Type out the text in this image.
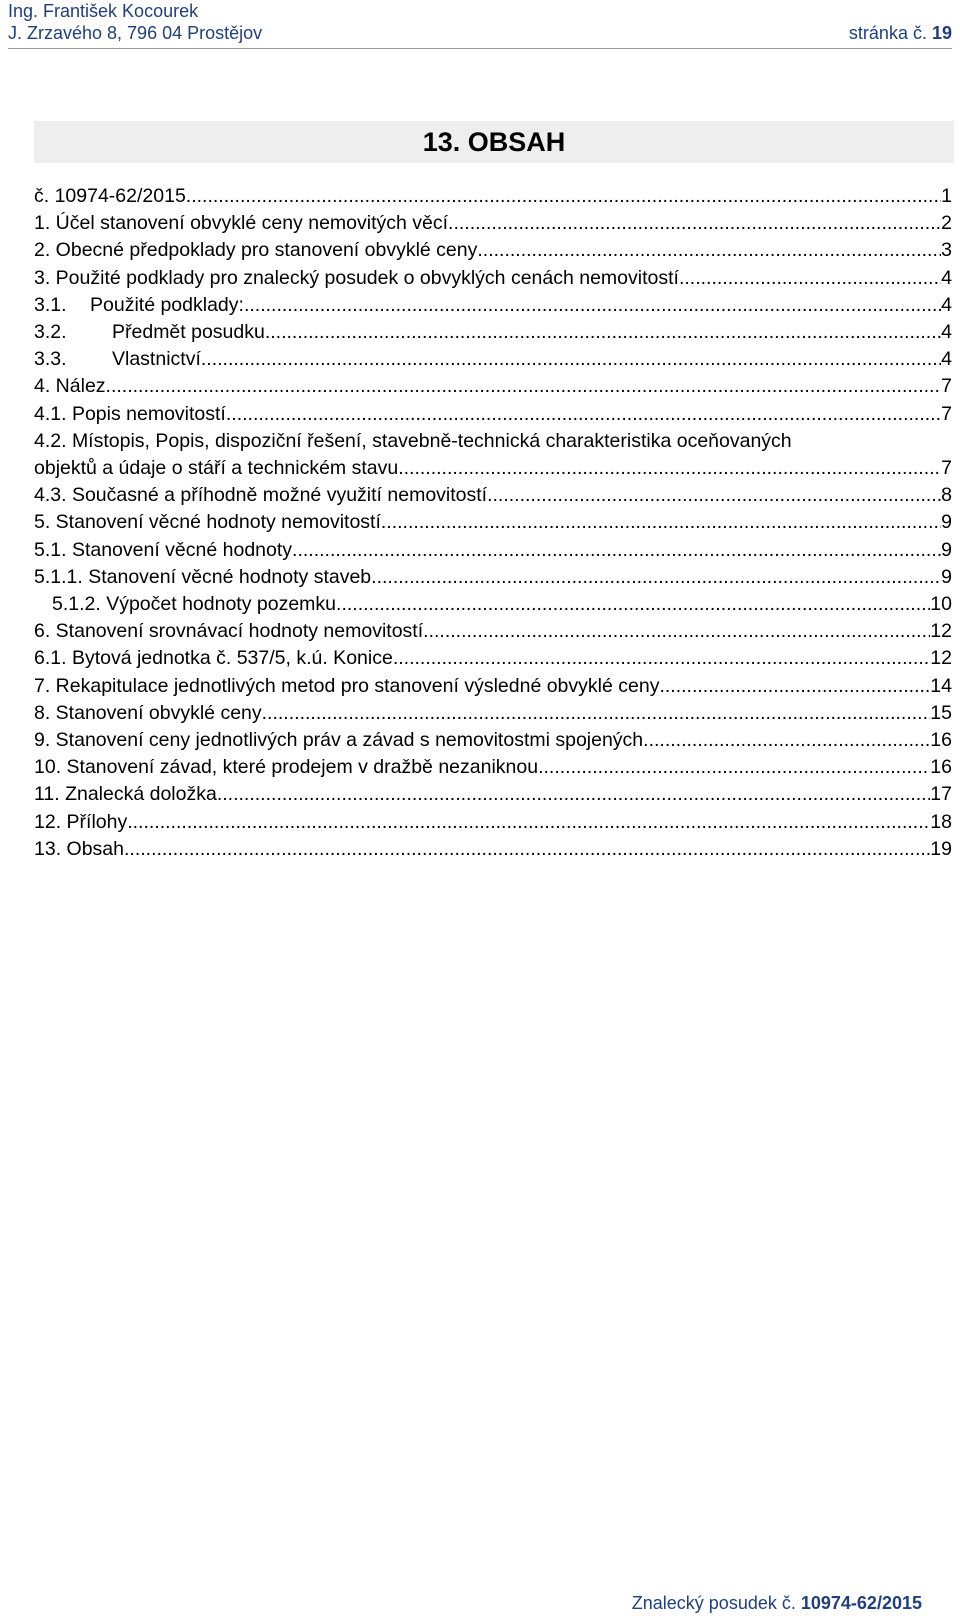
Ing. František Kocourek
J. Zrzavého 8, 796 04 Prostějov	stránka č. 19
13. OBSAH
č. 10974-62/2015 .....	1
1. Účel stanovení obvyklé ceny nemovitých věcí .....	2
2. Obecné předpoklady pro stanovení obvyklé ceny .....	3
3. Použité podklady pro znalecký posudek o obvyklých cenách nemovitostí .....	4
3.1.	Použité podklady: .....	4
3.2.	Předmět posudku .....	4
3.3.	Vlastnictví .....	4
4. Nález .....	7
4.1. Popis nemovitostí .....	7
4.2. Místopis, Popis, dispoziční řešení, stavebně-technická charakteristika oceňovaných
objektů a údaje o stáří a technickém stavu. .....	7
4.3. Současné a příhodně možné využití nemovitostí .....	8
5. Stanovení věcné hodnoty nemovitostí .....	9
5.1. Stanovení věcné hodnoty .....	9
5.1.1. Stanovení věcné hodnoty staveb .....	9
5.1.2. Výpočet hodnoty pozemku .....	10
6. Stanovení srovnávací hodnoty nemovitostí .....	12
6.1. Bytová jednotka č. 537/5, k.ú. Konice .....	12
7. Rekapitulace jednotlivých metod pro stanovení výsledné obvyklé ceny .....	14
8. Stanovení obvyklé ceny .....	15
9. Stanovení ceny jednotlivých práv a závad s nemovitostmi spojených .....	16
10. Stanovení závad, které prodejem v dražbě nezaniknou .....	16
11. Znalecká doložka .....	17
12. Přílohy .....	18
13. Obsah .....	19
Znalecký posudek č. 10974-62/2015
